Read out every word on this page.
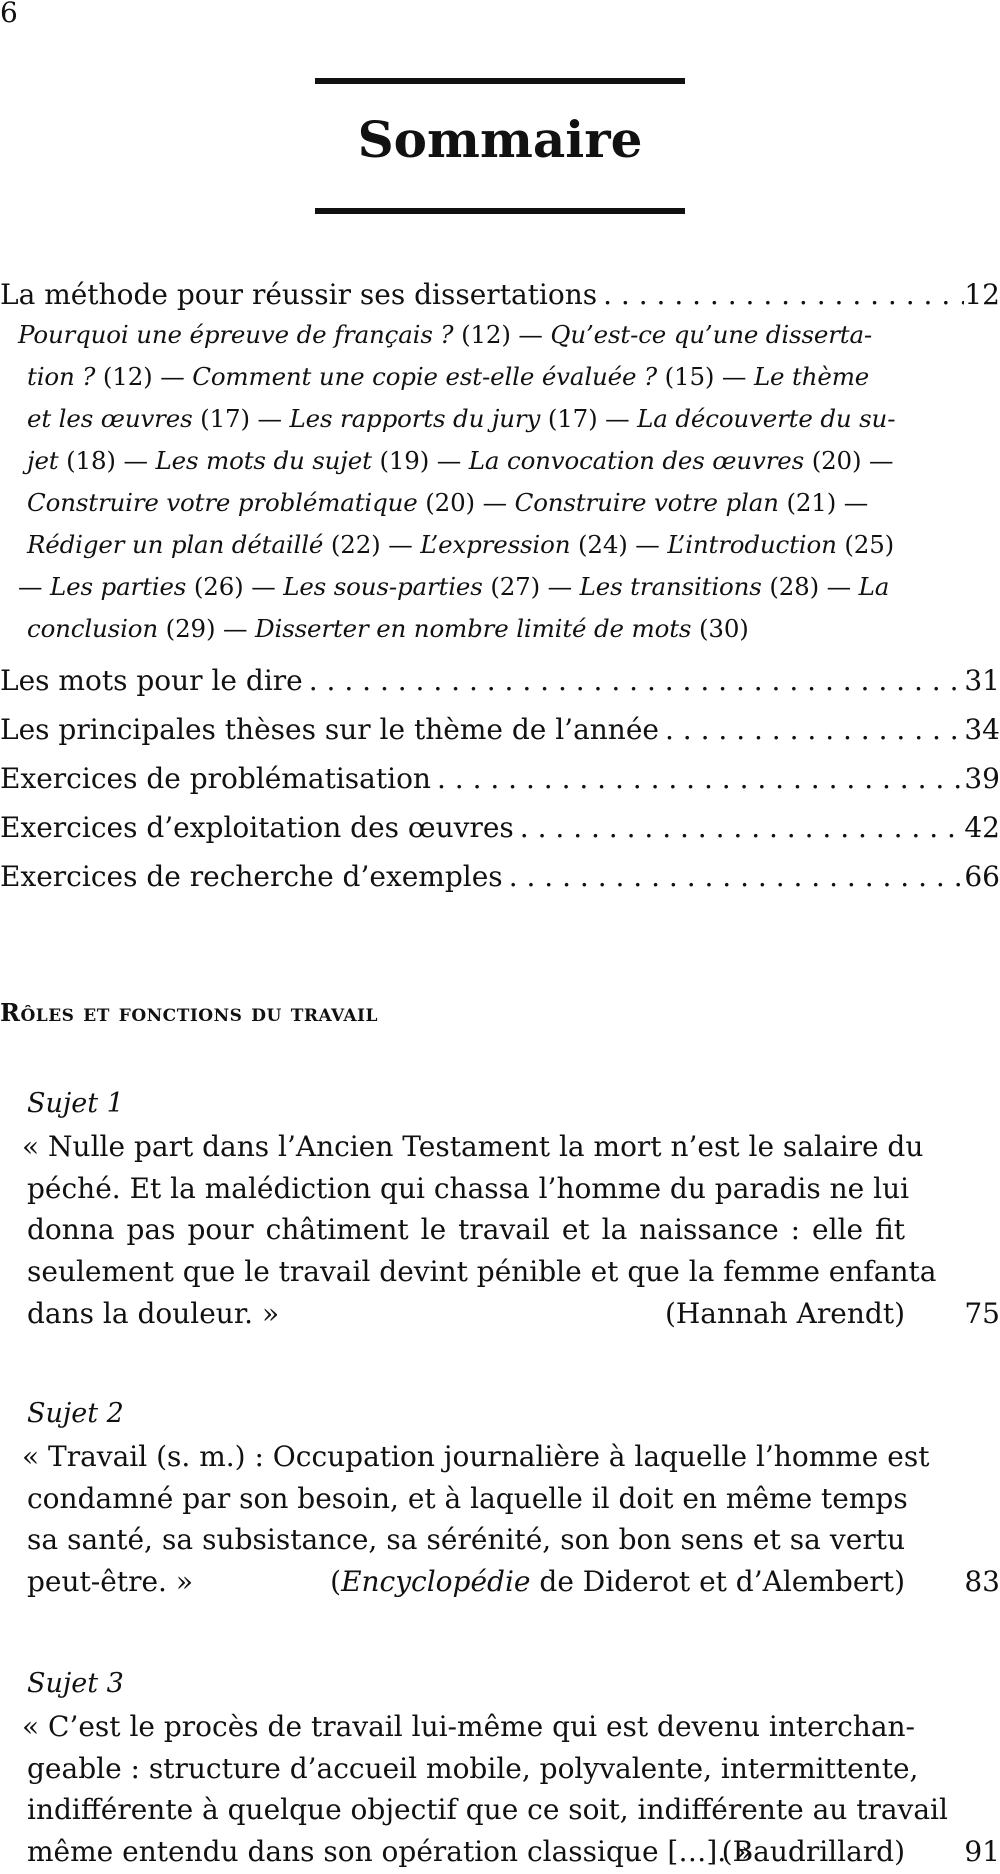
6
Sommaire
La méthode pour réussir ses dissertations . . .	12
Pourquoi une épreuve de français ? (12) — Qu’est-ce qu’une disserta-
tion ? (12) — Comment une copie est-elle évaluée ? (15) — Le thème
et les œuvres (17) — Les rapports du jury (17) — La découverte du su-
jet (18) — Les mots du sujet (19) — La convocation des œuvres (20) —
Construire votre problématique (20) — Construire votre plan (21) —
Rédiger un plan détaillé (22) — L’expression (24) — L’introduction (25)
— Les parties (26) — Les sous-parties (27) — Les transitions (28) — La
conclusion (29) — Disserter en nombre limité de mots (30)
Les mots pour le dire . . .	31
Les principales thèses sur le thème de l’année . . .	34
Exercices de problématisation . . .	39
Exercices d’exploitation des œuvres . . .	42
Exercices de recherche d’exemples . . .	66
Rôles et fonctions du travail
Sujet 1
« Nulle part dans l’Ancien Testament la mort n’est le salaire du
péché. Et la malédiction qui chassa l’homme du paradis ne lui
donna pas pour châtiment le travail et la naissance : elle fit
seulement que le travail devint pénible et que la femme enfanta
dans la douleur. »	(Hannah Arendt) 75
Sujet 2
« Travail (s. m.) : Occupation journalière à laquelle l’homme est
condamné par son besoin, et à laquelle il doit en même temps
sa santé, sa subsistance, sa sérénité, son bon sens et sa vertu
peut-être. »	(Encyclopédie de Diderot et d’Alembert) 83
Sujet 3
« C’est le procès de travail lui-même qui est devenu interchan-
geable : structure d’accueil mobile, polyvalente, intermittente,
indifférente à quelque objectif que ce soit, indifférente au travail
même entendu dans son opération classique […]. »
(Baudrillard) 91
